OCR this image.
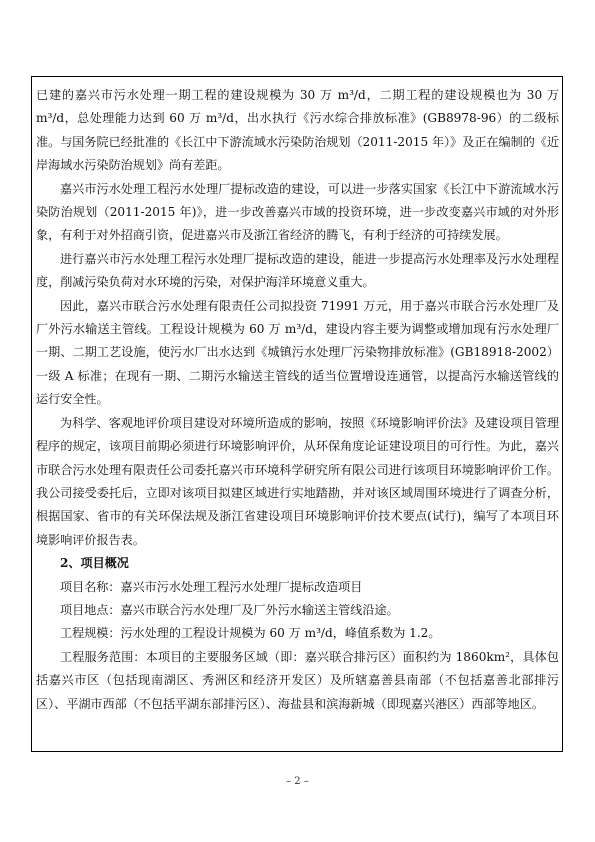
已建的嘉兴市污水处理一期工程的建设规模为 30 万 m³/d，二期工程的建设规模也为 30 万 m³/d，总处理能力达到 60 万 m³/d，出水执行《污水综合排放标准》(GB8978-96）的二级标准。与国务院已经批准的《长江中下游流域水污染防治规划（2011-2015 年）》及正在编制的《近岸海域水污染防治规划》尚有差距。

嘉兴市污水处理工程污水处理厂提标改造的建设，可以进一步落实国家《长江中下游流域水污染防治规划（2011-2015 年)》，进一步改善嘉兴市域的投资环境，进一步改变嘉兴市域的对外形象，有利于对外招商引资，促进嘉兴市及浙江省经济的腾飞，有利于经济的可持续发展。

进行嘉兴市污水处理工程污水处理厂提标改造的建设，能进一步提高污水处理率及污水处理程度，削减污染负荷对水环境的污染，对保护海洋环境意义重大。

因此，嘉兴市联合污水处理有限责任公司拟投资 71991 万元，用于嘉兴市联合污水处理厂及厂外污水输送主管线。工程设计规模为 60 万 m³/d，建设内容主要为调整或增加现有污水处理厂一期、二期工艺设施，使污水厂出水达到《城镇污水处理厂污染物排放标准》(GB18918-2002）一级 A 标准；在现有一期、二期污水输送主管线的适当位置增设连通管，以提高污水输送管线的运行安全性。

为科学、客观地评价项目建设对环境所造成的影响，按照《环境影响评价法》及建设项目管理程序的规定，该项目前期必须进行环境影响评价，从环保角度论证建设项目的可行性。为此，嘉兴市联合污水处理有限责任公司委托嘉兴市环境科学研究所有限公司进行该项目环境影响评价工作。我公司接受委托后，立即对该项目拟建区域进行实地踏勘，并对该区域周围环境进行了调查分析，根据国家、省市的有关环保法规及浙江省建设项目环境影响评价技术要点(试行)，编写了本项目环境影响评价报告表。

2、项目概况

项目名称：嘉兴市污水处理工程污水处理厂提标改造项目

项目地点：嘉兴市联合污水处理厂及厂外污水输送主管线沿途。

工程规模：污水处理的工程设计规模为 60 万 m³/d，峰值系数为 1.2。

工程服务范围：本项目的主要服务区域（即：嘉兴联合排污区）面积约为 1860km²，具体包括嘉兴市区（包括现南湖区、秀洲区和经济开发区）及所辖嘉善县南部（不包括嘉善北部排污区）、平湖市西部（不包括平湖东部排污区）、海盐县和滨海新城（即现嘉兴港区）西部等地区。

– 2 –
